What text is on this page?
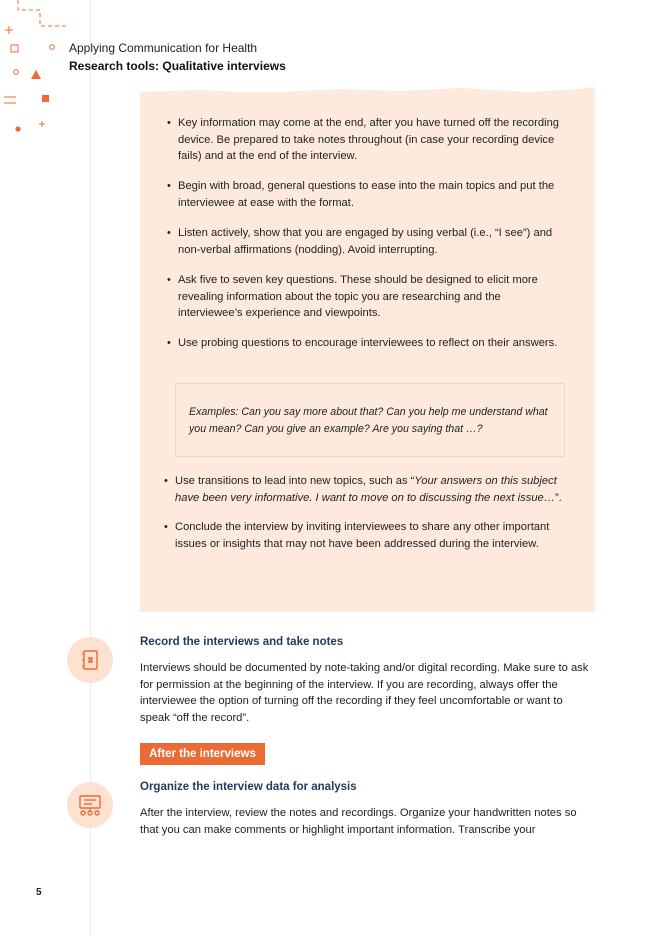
Applying Communication for Health

Research tools: Qualitative interviews

• Key information may come at the end, after you have turned off the recording device. Be prepared to take notes throughout (in case your recording device fails) and at the end of the interview.
• Begin with broad, general questions to ease into the main topics and put the interviewee at ease with the format.
• Listen actively, show that you are engaged by using verbal (i.e., “I see”) and non-verbal affirmations (nodding). Avoid interrupting.
• Ask five to seven key questions. These should be designed to elicit more revealing information about the topic you are researching and the interviewee’s experience and viewpoints.
• Use probing questions to encourage interviewees to reflect on their answers.
• Use transitions to lead into new topics, such as “Your answers on this subject have been very informative. I want to move on to discussing the next issue…”.
• Conclude the interview by inviting interviewees to share any other important issues or insights that may not have been addressed during the interview.

Examples: Can you say more about that? Can you help me understand what you mean? Can you give an example? Are you saying that …?

Record the interviews and take notes

Interviews should be documented by note-taking and/or digital recording. Make sure to ask for permission at the beginning of the interview. If you are recording, always offer the interviewee the option of turning off the recording if they feel uncomfortable or want to speak “off the record”.

After the interviews

Organize the interview data for analysis

After the interview, review the notes and recordings. Organize your handwritten notes so that you can make comments or highlight important information. Transcribe your

5
